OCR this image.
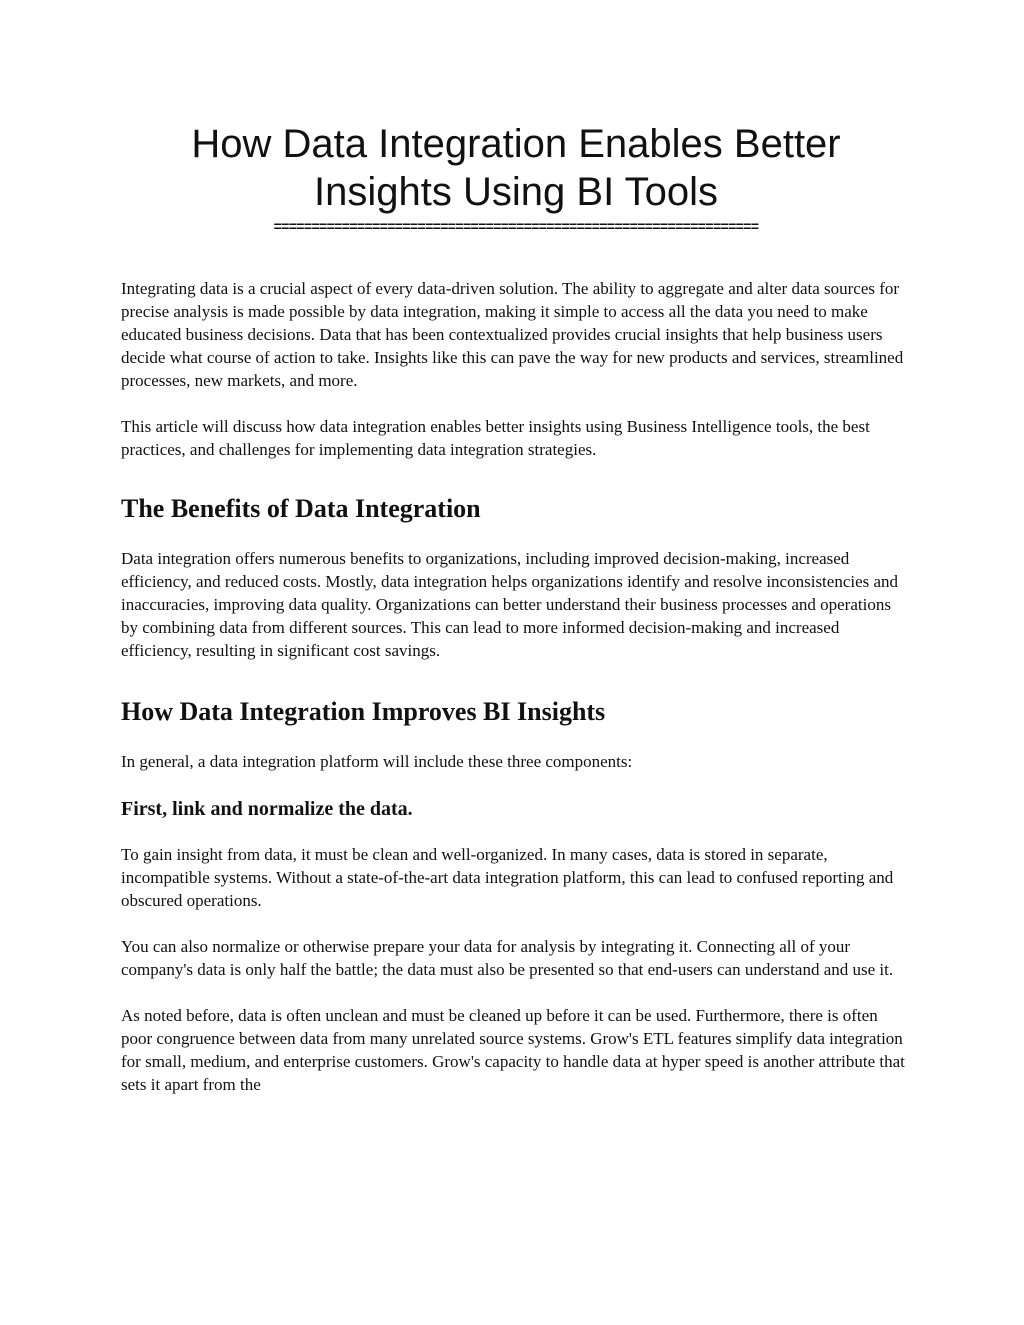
How Data Integration Enables Better Insights Using BI Tools
================================================================

Integrating data is a crucial aspect of every data-driven solution. The ability to aggregate and alter data sources for precise analysis is made possible by data integration, making it simple to access all the data you need to make educated business decisions. Data that has been contextualized provides crucial insights that help business users decide what course of action to take. Insights like this can pave the way for new products and services, streamlined processes, new markets, and more.

This article will discuss how data integration enables better insights using Business Intelligence tools, the best practices, and challenges for implementing data integration strategies.

The Benefits of Data Integration

Data integration offers numerous benefits to organizations, including improved decision-making, increased efficiency, and reduced costs. Mostly, data integration helps organizations identify and resolve inconsistencies and inaccuracies, improving data quality. Organizations can better understand their business processes and operations by combining data from different sources. This can lead to more informed decision-making and increased efficiency, resulting in significant cost savings.

How Data Integration Improves BI Insights

In general, a data integration platform will include these three components:

First, link and normalize the data.

To gain insight from data, it must be clean and well-organized. In many cases, data is stored in separate, incompatible systems. Without a state-of-the-art data integration platform, this can lead to confused reporting and obscured operations.

You can also normalize or otherwise prepare your data for analysis by integrating it. Connecting all of your company's data is only half the battle; the data must also be presented so that end-users can understand and use it.

As noted before, data is often unclean and must be cleaned up before it can be used. Furthermore, there is often poor congruence between data from many unrelated source systems. Grow's ETL features simplify data integration for small, medium, and enterprise customers. Grow's capacity to handle data at hyper speed is another attribute that sets it apart from the
